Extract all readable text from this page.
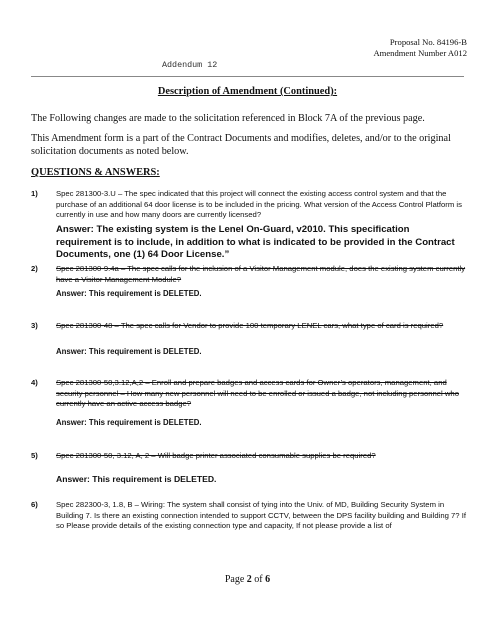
Proposal No. 84196-B
Amendment Number A012
Addendum 12
Description of Amendment (Continued):
The Following changes are made to the solicitation referenced in Block 7A of the previous page.
This Amendment form is a part of the Contract Documents and modifies, deletes, and/or to the original solicitation documents as noted below.
QUESTIONS & ANSWERS:
1) Spec 281300-3.U – The spec indicated that this project will connect the existing access control system and that the purchase of an additional 64 door license is to be included in the pricing. What version of the Access Control Platform is currently in use and how many doors are currently licensed?
Answer: The existing system is the Lenel On-Guard, v2010. This specification requirement is to include, in addition to what is indicated to be provided in the Contract Documents, one (1) 64 Door License.”
2) Spec 281300-9.4a – The spec calls for the inclusion of a Visitor Management module, does the existing system currently have a Visitor Management Module?
Answer: This requirement is DELETED.
3) Spec 281300-48 – The spec calls for Vendor to provide 100 temporary LENEL cars, what type of card is required?
Answer: This requirement is DELETED.
4) Spec 281300-50,3.12,A,2 – Enroll and prepare badges and access cards for Owner’s operators, management, and security personnel – How many new personnel will need to be enrolled or issued a badge, not including personnel who currently have an active access badge?
Answer: This requirement is DELETED.
5) Spec 281300-50, 3.12, A, 2 – Will badge printer associated consumable supplies be required?
Answer: This requirement is DELETED.
6) Spec 282300-3, 1.8, B – Wiring: The system shall consist of tying into the Univ. of MD, Building Security System in Building 7. Is there an existing connection intended to support CCTV, between the DPS facility building and Building 7? If so Please provide details of the existing connection type and capacity, If not please provide a list of
Page 2 of 6
